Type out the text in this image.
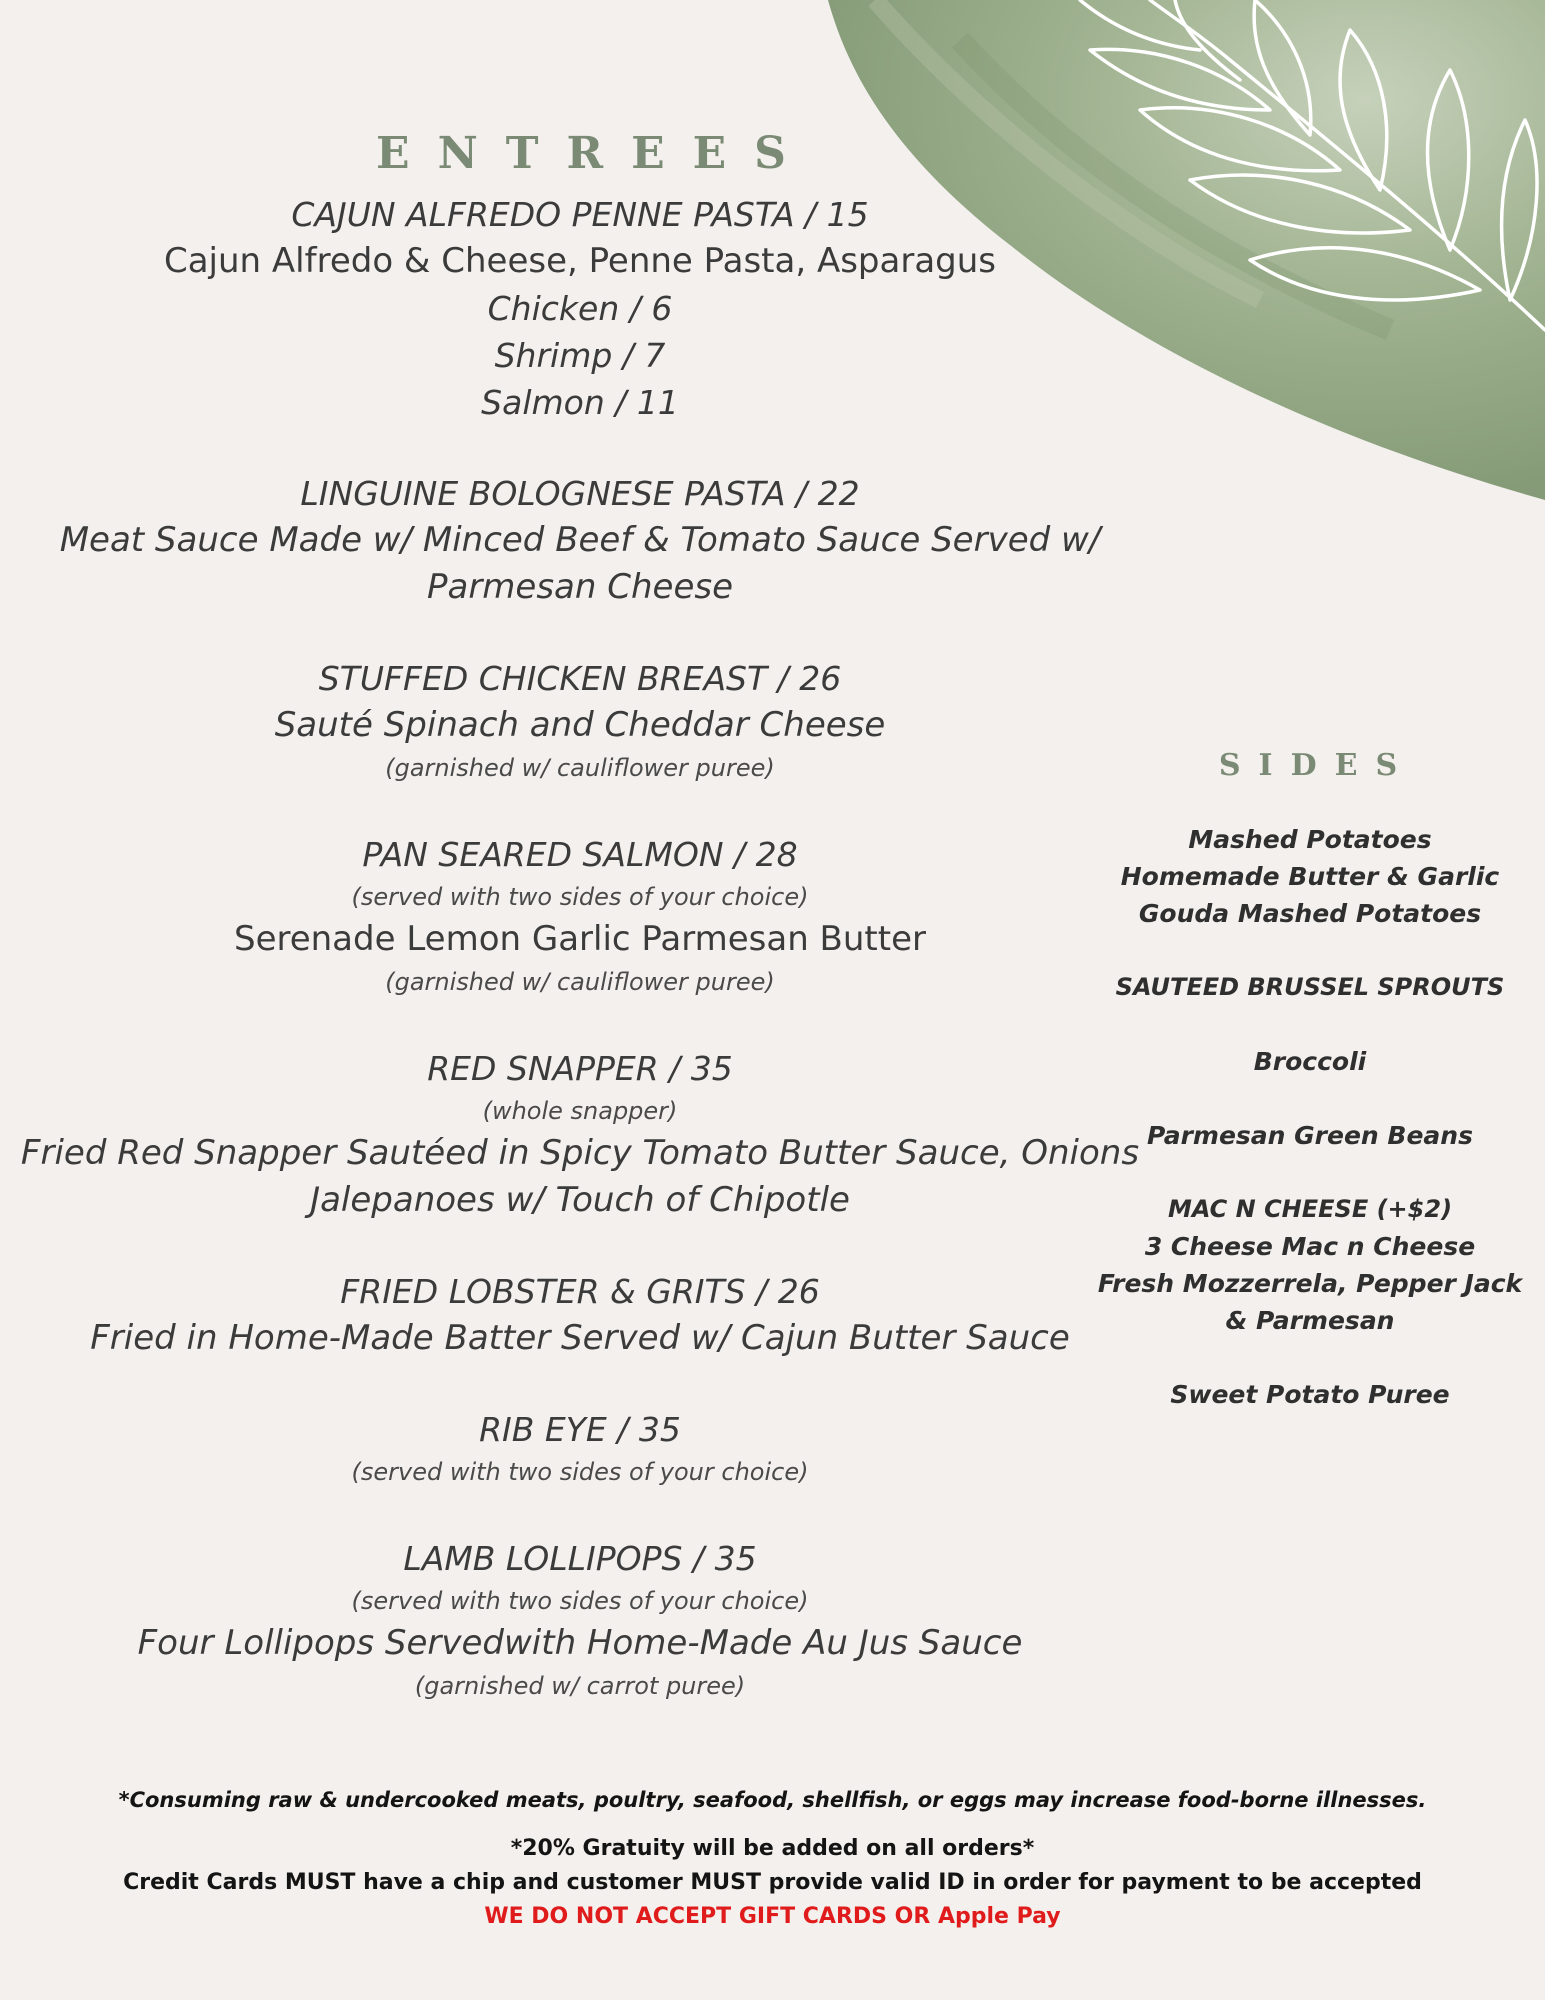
ENTREES
CAJUN ALFREDO PENNE PASTA / 15
Cajun Alfredo & Cheese, Penne Pasta, Asparagus
Chicken / 6
Shrimp / 7
Salmon / 11
LINGUINE BOLOGNESE PASTA / 22
Meat Sauce Made w/ Minced Beef & Tomato Sauce Served w/ Parmesan Cheese
STUFFED CHICKEN BREAST / 26
Sauté Spinach and Cheddar Cheese
(garnished w/ cauliflower puree)
PAN SEARED SALMON / 28
(served with two sides of your choice)
Serenade Lemon Garlic Parmesan Butter
(garnished w/ cauliflower puree)
RED SNAPPER / 35
(whole snapper)
Fried Red Snapper Sautéed in Spicy Tomato Butter Sauce, Onions
Jalepanoes w/ Touch of Chipotle
FRIED LOBSTER & GRITS / 26
Fried in Home-Made Batter Served w/ Cajun Butter Sauce
RIB EYE / 35
(served with two sides of your choice)
LAMB LOLLIPOPS / 35
(served with two sides of your choice)
Four Lollipops Servedwith Home-Made Au Jus Sauce
(garnished w/ carrot puree)
SIDES
Mashed Potatoes
Homemade Butter & Garlic
Gouda Mashed Potatoes
SAUTEED BRUSSEL SPROUTS
Broccoli
Parmesan Green Beans
MAC N CHEESE (+$2)
3 Cheese Mac n Cheese
Fresh Mozzerrela, Pepper Jack
& Parmesan
Sweet Potato Puree
*Consuming raw & undercooked meats, poultry, seafood, shellfish, or eggs may increase food-borne illnesses.
*20% Gratuity will be added on all orders*
Credit Cards MUST have a chip and customer MUST provide valid ID in order for payment to be accepted
WE DO NOT ACCEPT GIFT CARDS OR Apple Pay
